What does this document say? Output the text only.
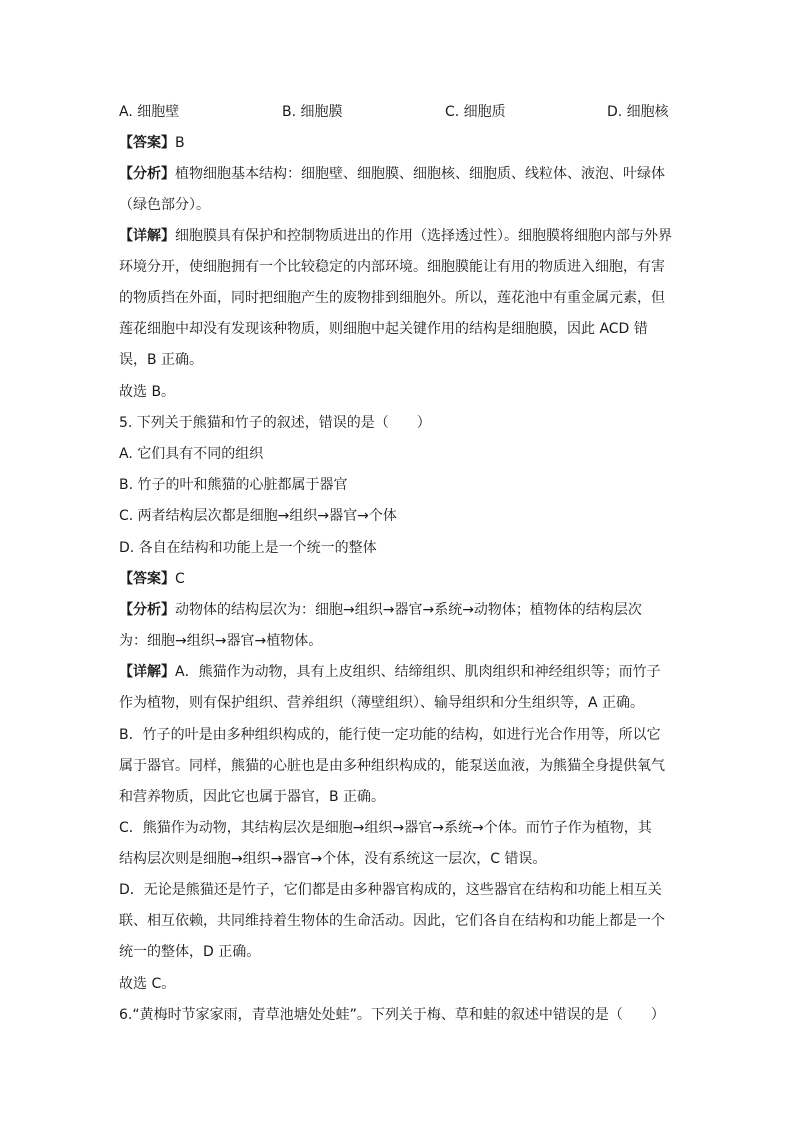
A. 细胞壁	B. 细胞膜	C. 细胞质	D. 细胞核
【答案】B
【分析】植物细胞基本结构：细胞壁、细胞膜、细胞核、细胞质、线粒体、液泡、叶绿体
（绿色部分）。
【详解】细胞膜具有保护和控制物质进出的作用（选择透过性）。细胞膜将细胞内部与外界
环境分开，使细胞拥有一个比较稳定的内部环境。细胞膜能让有用的物质进入细胞，有害
的物质挡在外面，同时把细胞产生的废物排到细胞外。所以，莲花池中有重金属元素，但
莲花细胞中却没有发现该种物质，则细胞中起关键作用的结构是细胞膜，因此 ACD 错
误，B 正确。
故选 B。
5. 下列关于熊猫和竹子的叙述，错误的是（　　）
A. 它们具有不同的组织
B. 竹子的叶和熊猫的心脏都属于器官
C. 两者结构层次都是细胞→组织→器官→个体
D. 各自在结构和功能上是一个统一的整体
【答案】C
【分析】动物体的结构层次为：细胞→组织→器官→系统→动物体；植物体的结构层次
为：细胞→组织→器官→植物体。
【详解】A．熊猫作为动物，具有上皮组织、结缔组织、肌肉组织和神经组织等；而竹子
作为植物，则有保护组织、营养组织（薄壁组织）、输导组织和分生组织等，A 正确。
B．竹子的叶是由多种组织构成的，能行使一定功能的结构，如进行光合作用等，所以它
属于器官。同样，熊猫的心脏也是由多种组织构成的，能泵送血液，为熊猫全身提供氧气
和营养物质，因此它也属于器官，B 正确。
C．熊猫作为动物，其结构层次是细胞→组织→器官→系统→个体。而竹子作为植物，其
结构层次则是细胞→组织→器官→个体，没有系统这一层次，C 错误。
D．无论是熊猫还是竹子，它们都是由多种器官构成的，这些器官在结构和功能上相互关
联、相互依赖，共同维持着生物体的生命活动。因此，它们各自在结构和功能上都是一个
统一的整体，D 正确。
故选 C。
6.“黄梅时节家家雨，青草池塘处处蛙”。下列关于梅、草和蛙的叙述中错误的是（　　）
